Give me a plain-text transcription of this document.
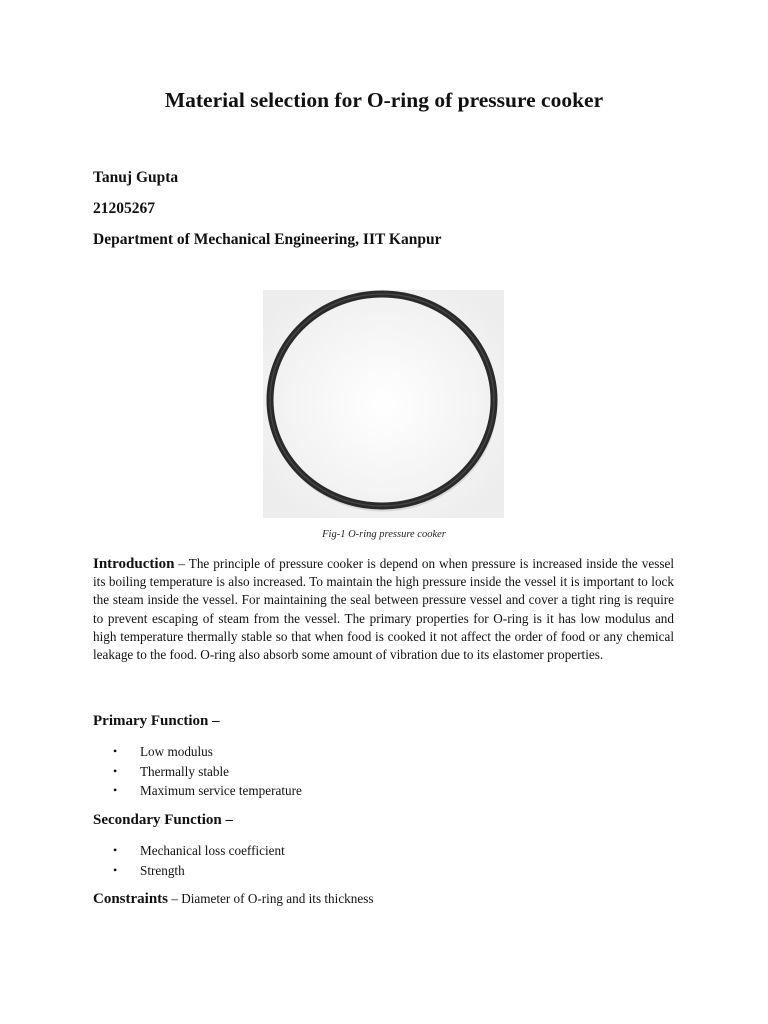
Material selection for O-ring of pressure cooker

Tanuj Gupta

21205267

Department of Mechanical Engineering, IIT Kanpur

Fig-1 O-ring pressure cooker

Introduction – The principle of pressure cooker is depend on when pressure is increased inside the vessel its boiling temperature is also increased. To maintain the high pressure inside the vessel it is important to lock the steam inside the vessel. For maintaining the seal between pressure vessel and cover a tight ring is require to prevent escaping of steam from the vessel. The primary properties for O-ring is it has low modulus and high temperature thermally stable so that when food is cooked it not affect the order of food or any chemical leakage to the food. O-ring also absorb some amount of vibration due to its elastomer properties.

Primary Function –
• Low modulus
• Thermally stable
• Maximum service temperature
Secondary Function –
• Mechanical loss coefficient
• Strength

Constraints – Diameter of O-ring and its thickness
